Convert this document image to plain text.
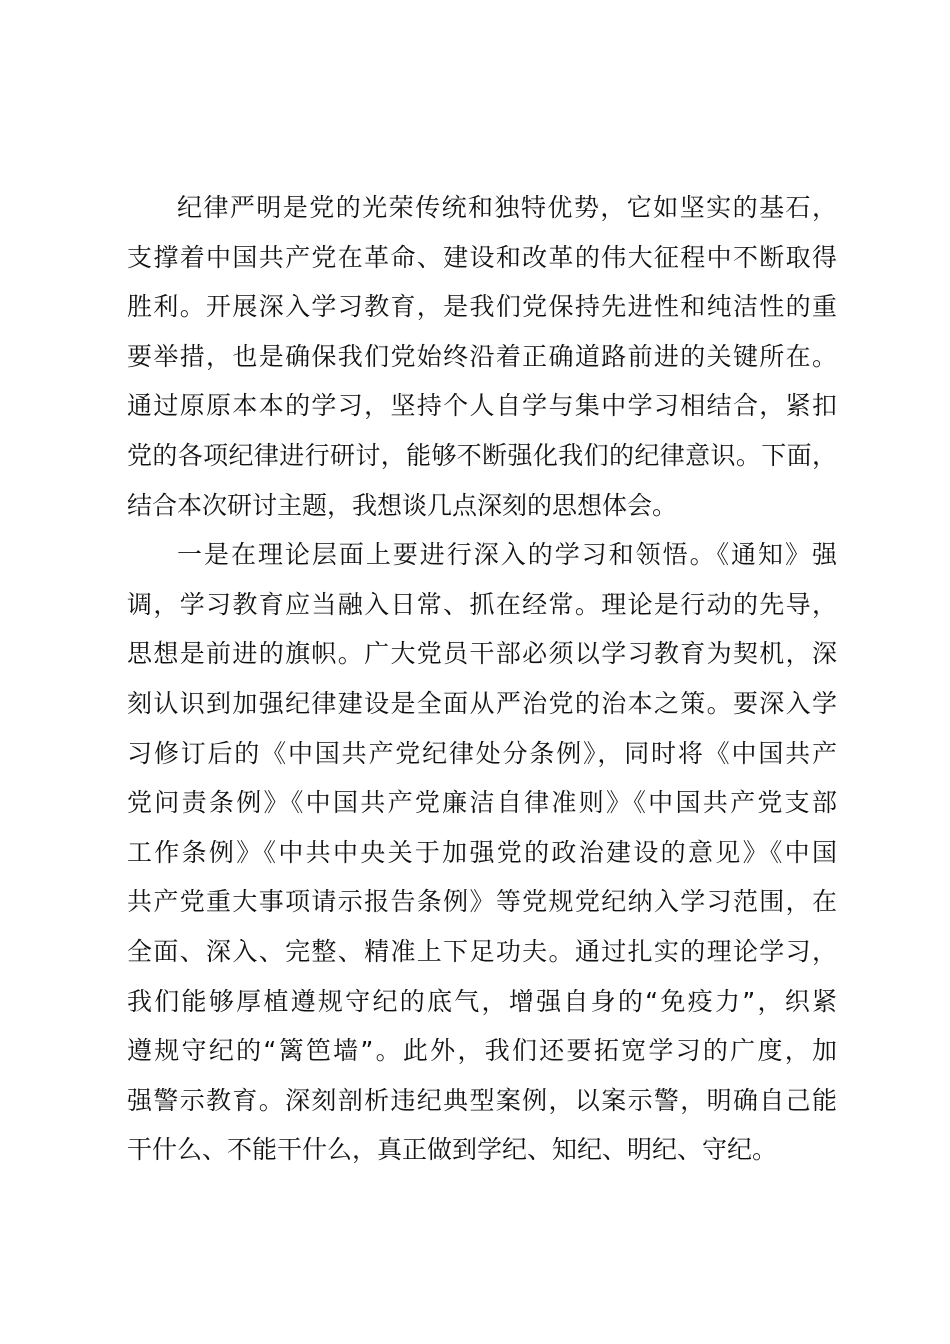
纪律严明是党的光荣传统和独特优势，它如坚实的基石，
支撑着中国共产党在革命、建设和改革的伟大征程中不断取得
胜利。开展深入学习教育，是我们党保持先进性和纯洁性的重
要举措，也是确保我们党始终沿着正确道路前进的关键所在。
通过原原本本的学习，坚持个人自学与集中学习相结合，紧扣
党的各项纪律进行研讨，能够不断强化我们的纪律意识。下面，
结合本次研讨主题，我想谈几点深刻的思想体会。
一是在理论层面上要进行深入的学习和领悟。《通知》强
调，学习教育应当融入日常、抓在经常。理论是行动的先导，
思想是前进的旗帜。广大党员干部必须以学习教育为契机，深
刻认识到加强纪律建设是全面从严治党的治本之策。要深入学
习修订后的《中国共产党纪律处分条例》，同时将《中国共产
党问责条例》《中国共产党廉洁自律准则》《中国共产党支部
工作条例》《中共中央关于加强党的政治建设的意见》《中国
共产党重大事项请示报告条例》等党规党纪纳入学习范围，在
全面、深入、完整、精准上下足功夫。通过扎实的理论学习，
我们能够厚植遵规守纪的底气，增强自身的“免疫力”，织紧
遵规守纪的“篱笆墙”。此外，我们还要拓宽学习的广度，加
强警示教育。深刻剖析违纪典型案例，以案示警，明确自己能
干什么、不能干什么，真正做到学纪、知纪、明纪、守纪。
